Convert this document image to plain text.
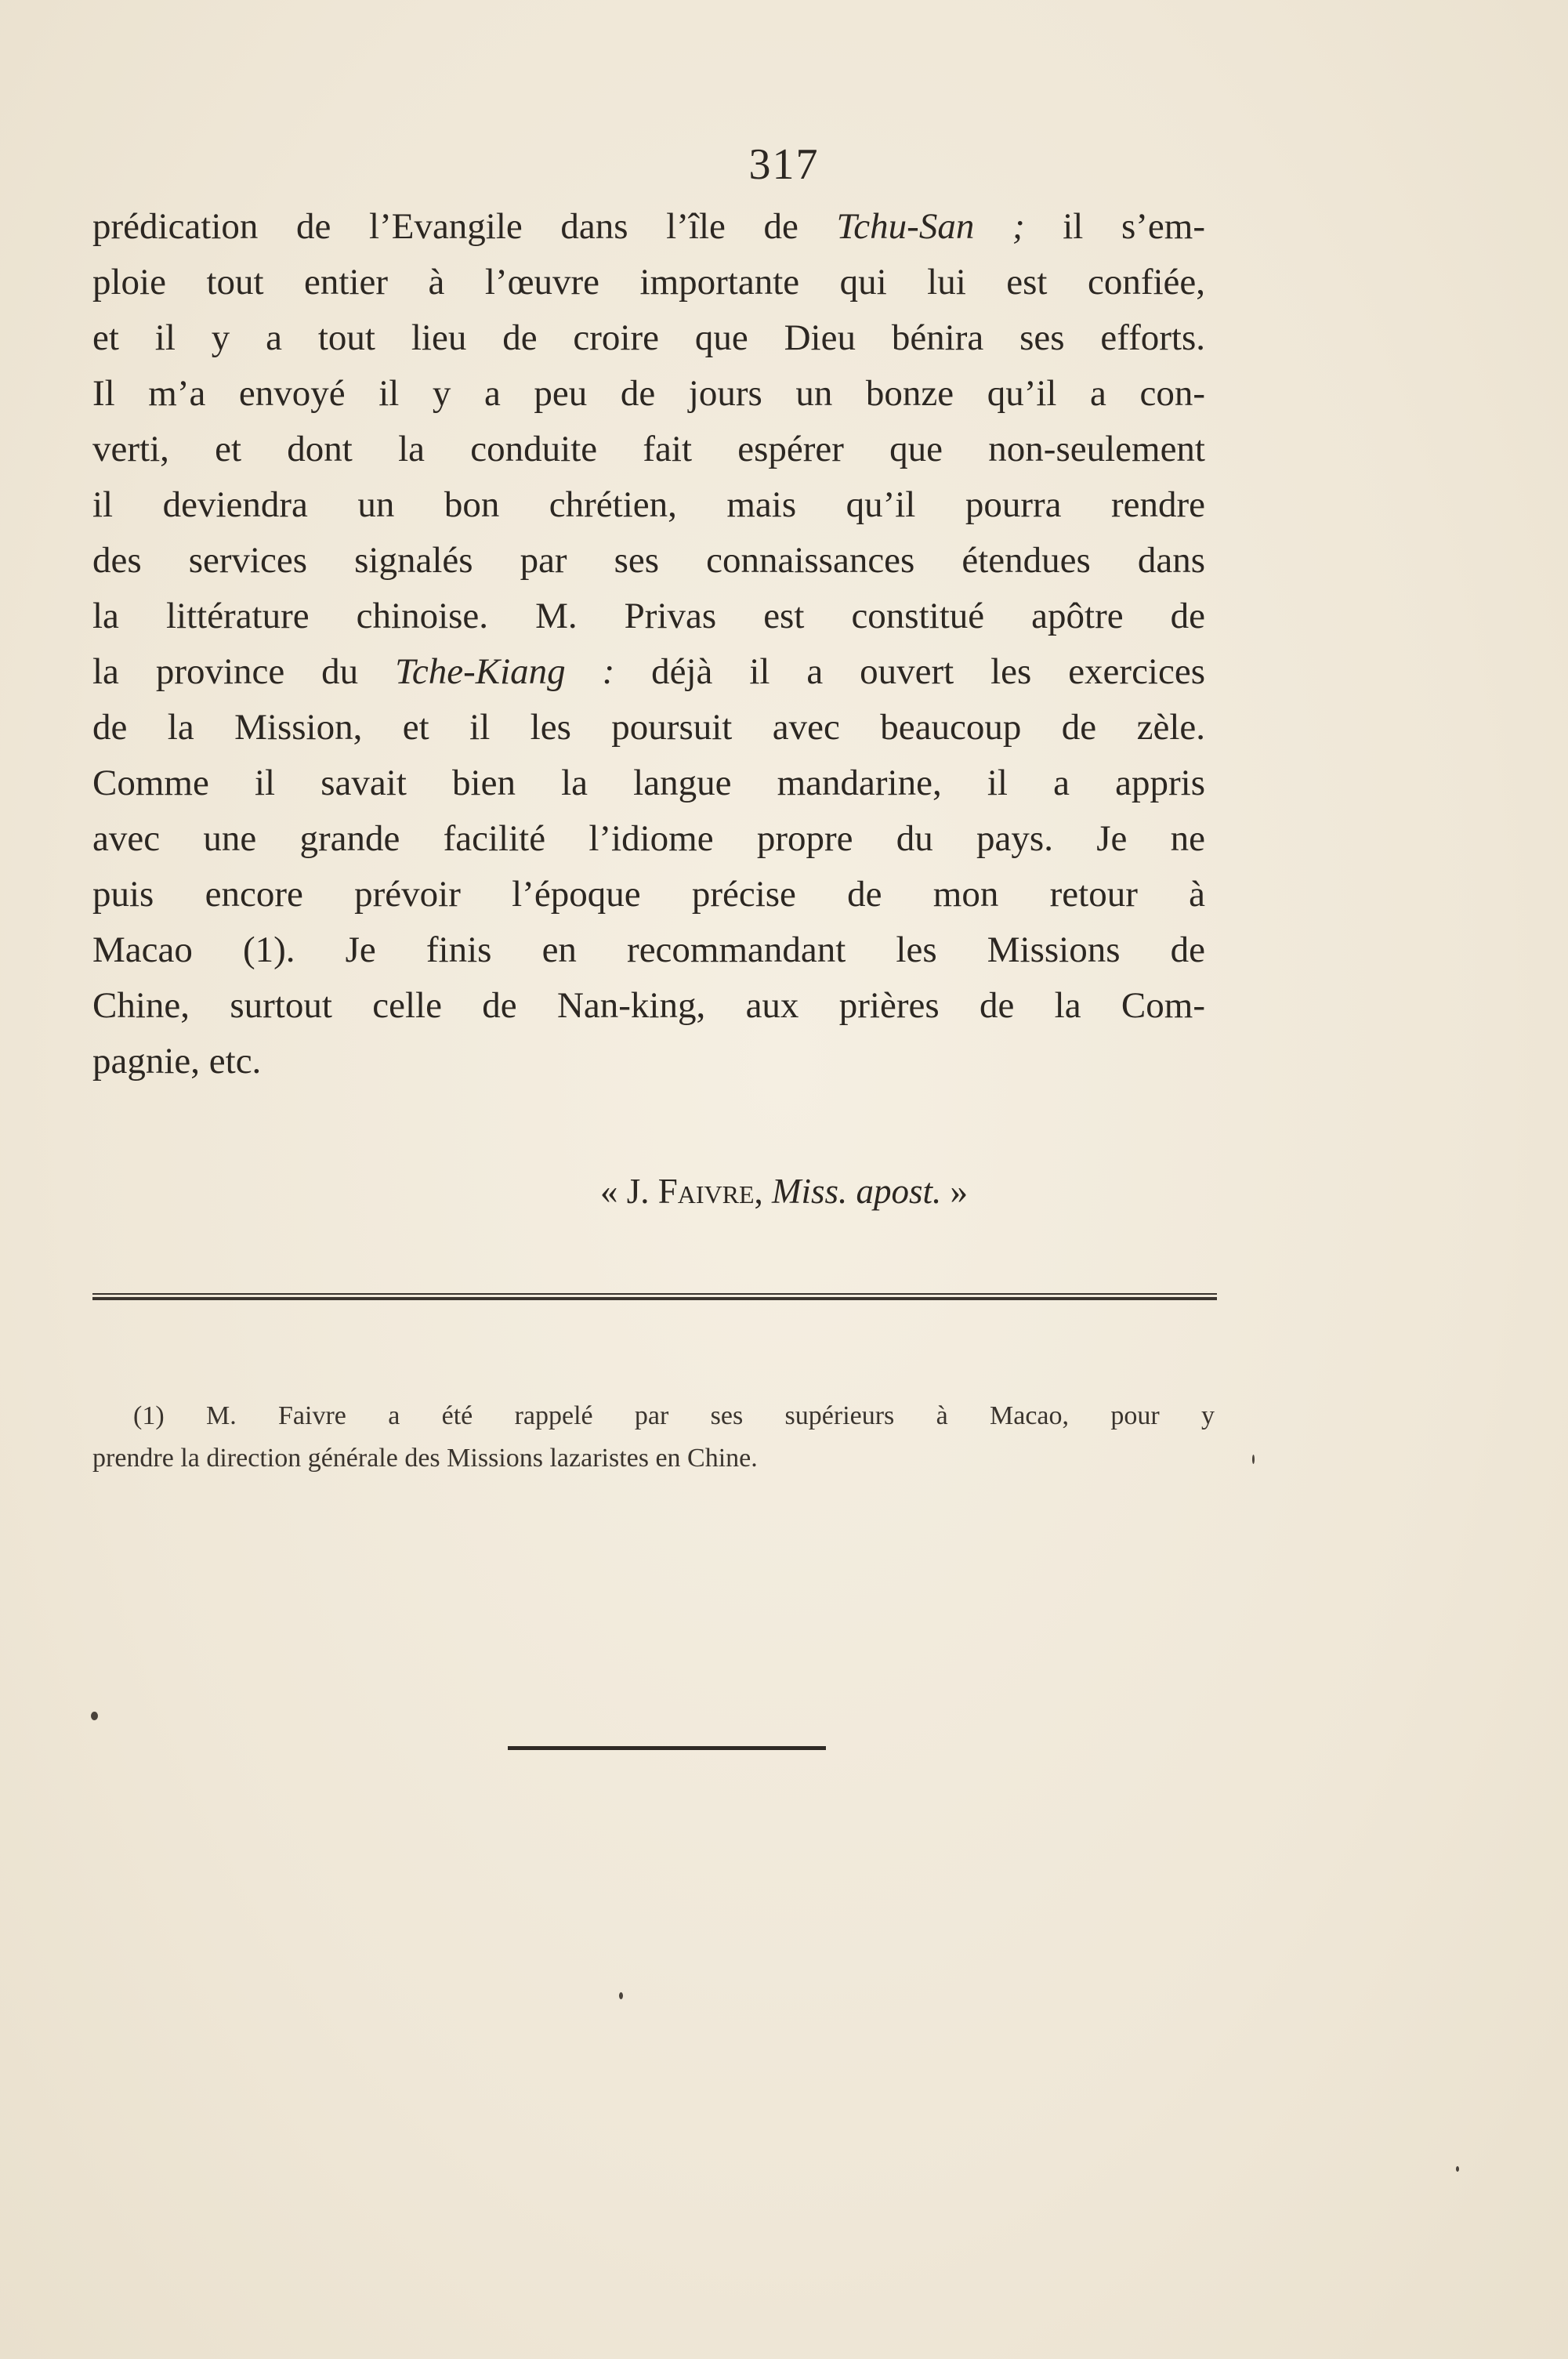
317
prédication de l’Evangile dans l’île de Tchu-San ; il s’em-
ploie tout entier à l’œuvre importante qui lui est confiée,
et il y a tout lieu de croire que Dieu bénira ses efforts.
Il m’a envoyé il y a peu de jours un bonze qu’il a con-
verti, et dont la conduite fait espérer que non-seulement
il deviendra un bon chrétien, mais qu’il pourra rendre
des services signalés par ses connaissances étendues dans
la littérature chinoise. M. Privas est constitué apôtre de
la province du Tche-Kiang : déjà il a ouvert les exercices
de la Mission, et il les poursuit avec beaucoup de zèle.
Comme il savait bien la langue mandarine, il a appris
avec une grande facilité l’idiome propre du pays. Je ne
puis encore prévoir l’époque précise de mon retour à
Macao (1). Je finis en recommandant les Missions de
Chine, surtout celle de Nan-king, aux prières de la Com-
pagnie, etc.
« J. Faivre, Miss. apost. »
(1) M. Faivre a été rappelé par ses supérieurs à Macao, pour y
prendre la direction générale des Missions lazaristes en Chine.
